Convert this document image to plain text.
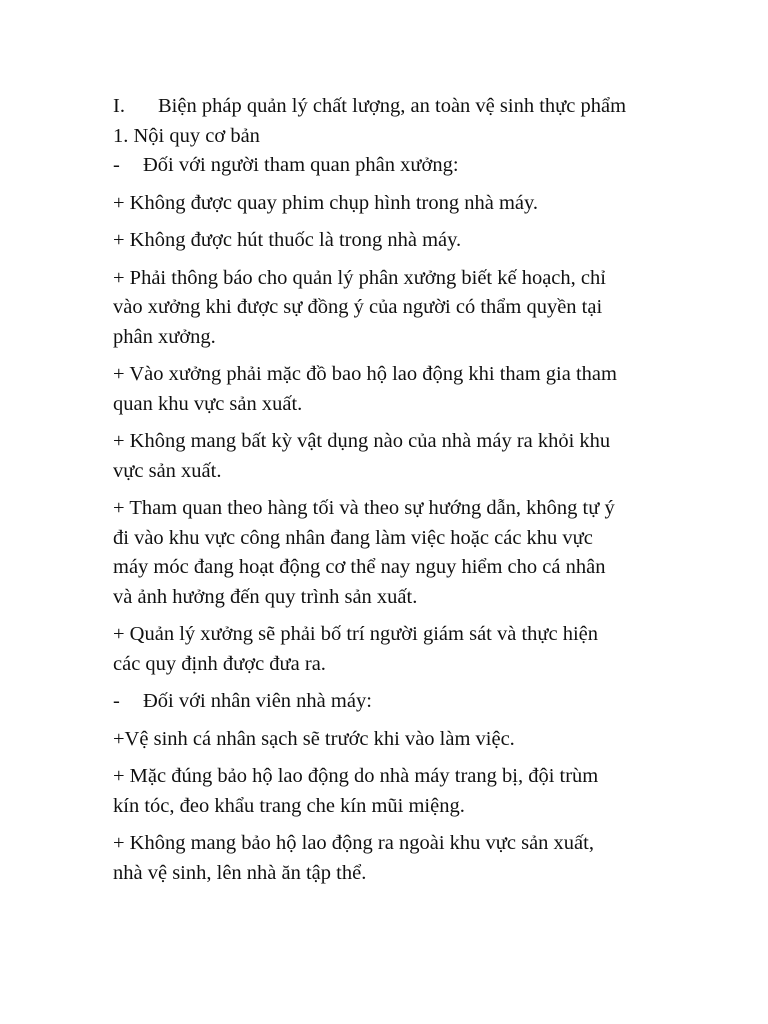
I.	Biện pháp quản lý chất lượng, an toàn vệ sinh thực phẩm

1. Nội quy cơ bản

-	Đối với người tham quan phân xưởng:

+ Không được quay phim chụp hình trong nhà máy.

+ Không được hút thuốc là trong nhà máy.

+ Phải thông báo cho quản lý phân xưởng biết kế hoạch, chỉ

vào xưởng khi được sự đồng ý của người có thẩm quyền tại

phân xưởng.

+ Vào xưởng phải mặc đồ bao hộ lao động khi tham gia tham

quan khu vực sản xuất.

+ Không mang bất kỳ vật dụng nào của nhà máy ra khỏi khu

vực sản xuất.

+ Tham quan theo hàng tối và theo sự hướng dẫn, không tự ý

đi vào khu vực công nhân đang làm việc hoặc các khu vực

máy móc đang hoạt động cơ thể nay nguy hiểm cho cá nhân

và ảnh hưởng đến quy trình sản xuất.

+ Quản lý xưởng sẽ phải bố trí người giám sát và thực hiện

các quy định được đưa ra.

-	Đối với nhân viên nhà máy:

+Vệ sinh cá nhân sạch sẽ trước khi vào làm việc.

+ Mặc đúng bảo hộ lao động do nhà máy trang bị, đội trùm

kín tóc, đeo khẩu trang che kín mũi miệng.

+ Không mang bảo hộ lao động ra ngoài khu vực sản xuất,

nhà vệ sinh, lên nhà ăn tập thể.
